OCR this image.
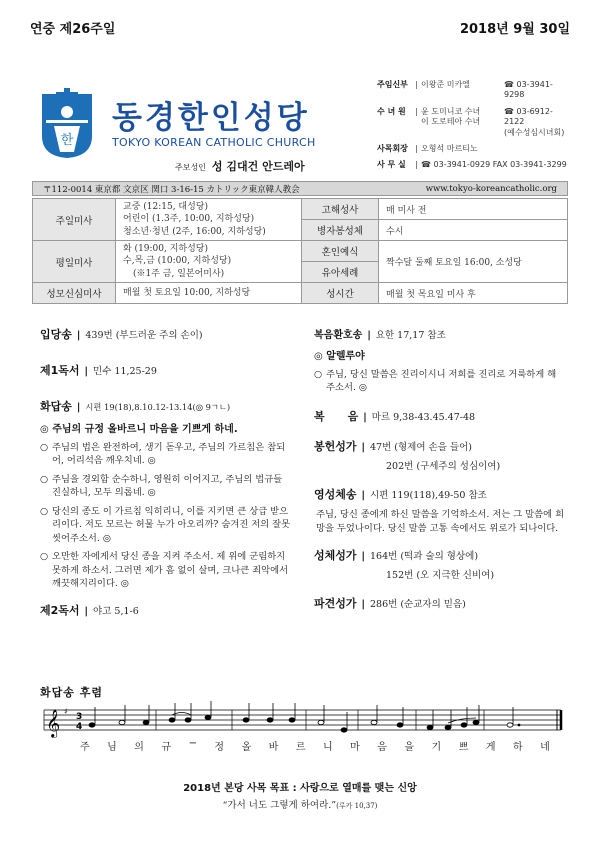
연중 제26주일	2018년 9월 30일
한
동경한인성당
TOKYO KOREAN CATHOLIC CHURCH
주보성인 성 김대건 안드레아
주임신부 | 이왕준 미카엘	☎ 03-3941-9298
수 녀 원	| 윤 도미니코 수녀
이 도로테아 수녀
☎ 03-6912-2122
(예수성심시녀회)
사목회장 | 오형석 마르티노
사 무 실	| ☎ 03-3941-0929 FAX 03-3941-3299
〒112-0014 東京都 文京区 関口 3-16-15 カトリック東京韓人教会	www.tokyo-koreancatholic.org
주일미사	교중 (12:15, 대성당)
어린이 (1.3주, 10:00, 지하성당)
청소년·청년 (2주, 16:00, 지하성당)	고해성사	매 미사 전
		병자봉성체	수시
평일미사	화 (19:00, 지하성당)
수,목,금 (10:00, 지하성당)
(※1주 금, 일본어미사)	혼인예식	짝수달 둘째 토요일 16:00, 소성당
		유아세례	
성모신심미사	매월 첫 토요일 10:00, 지하성당	성시간	매월 첫 목요일 미사 후
입당송 | 439번 (부드러운 주의 손이)
제1독서 | 민수 11,25-29
화답송 | 시편 19(18),8.10.12-13.14(◎ 9ㄱㄴ)
◎ 주님의 규정 올바르니 마음을 기쁘게 하네.
○ 주님의 법은 완전하여, 생기 돋우고, 주님의 가르침은 참되어, 어리석음 깨우치네. ◎
○ 주님을 경외함 순수하니, 영원히 이어지고, 주님의 법규들 진실하니, 모두 의롭네. ◎
○ 당신의 종도 이 가르침 익히리니, 이를 지키면 큰 상급 받으리이다. 저도 모르는 허물 누가 아오리까? 숨겨진 저의 잘못 씻어주소서. ◎
○ 오만한 자에게서 당신 종을 지켜 주소서. 제 위에 군림하지 못하게 하소서. 그러면 제가 흠 없이 살며, 크나큰 죄악에서 깨끗해지리이다. ◎
제2독서 | 야고 5,1-6
복음환호송 | 요한 17,17 참조
◎ 알렐루야
○ 주님, 당신 말씀은 진리이시니 저희를 진리로 거룩하게 해 주소서. ◎
복      음 | 마르 9,38-43.45.47-48
봉헌성가 | 47번 (형제여 손을 들어)
202번 (구세주의 성심이여)
영성체송 | 시편 119(118),49-50 참조
주님, 당신 종에게 하신 말씀을 기억하소서. 저는 그 말씀에 희망을 두었나이다. 당신 말씀 고통 속에서도 위로가 되나이다.
성체성가 | 164번 (떡과 술의 형상에)
152번 (오 지극한 신비여)
파견성가 | 286번 (순교자의 믿음)
화답송 후렴
𝄞 ♯
3
4
주 님 의 규 − 정 올 바 르 니 마 음 을 기 쁘 게 하 네
2018년 본당 사목 목표 : 사랑으로 열매를 맺는 신앙
“가서 너도 그렇게 하여라.”(루카 10,37)
